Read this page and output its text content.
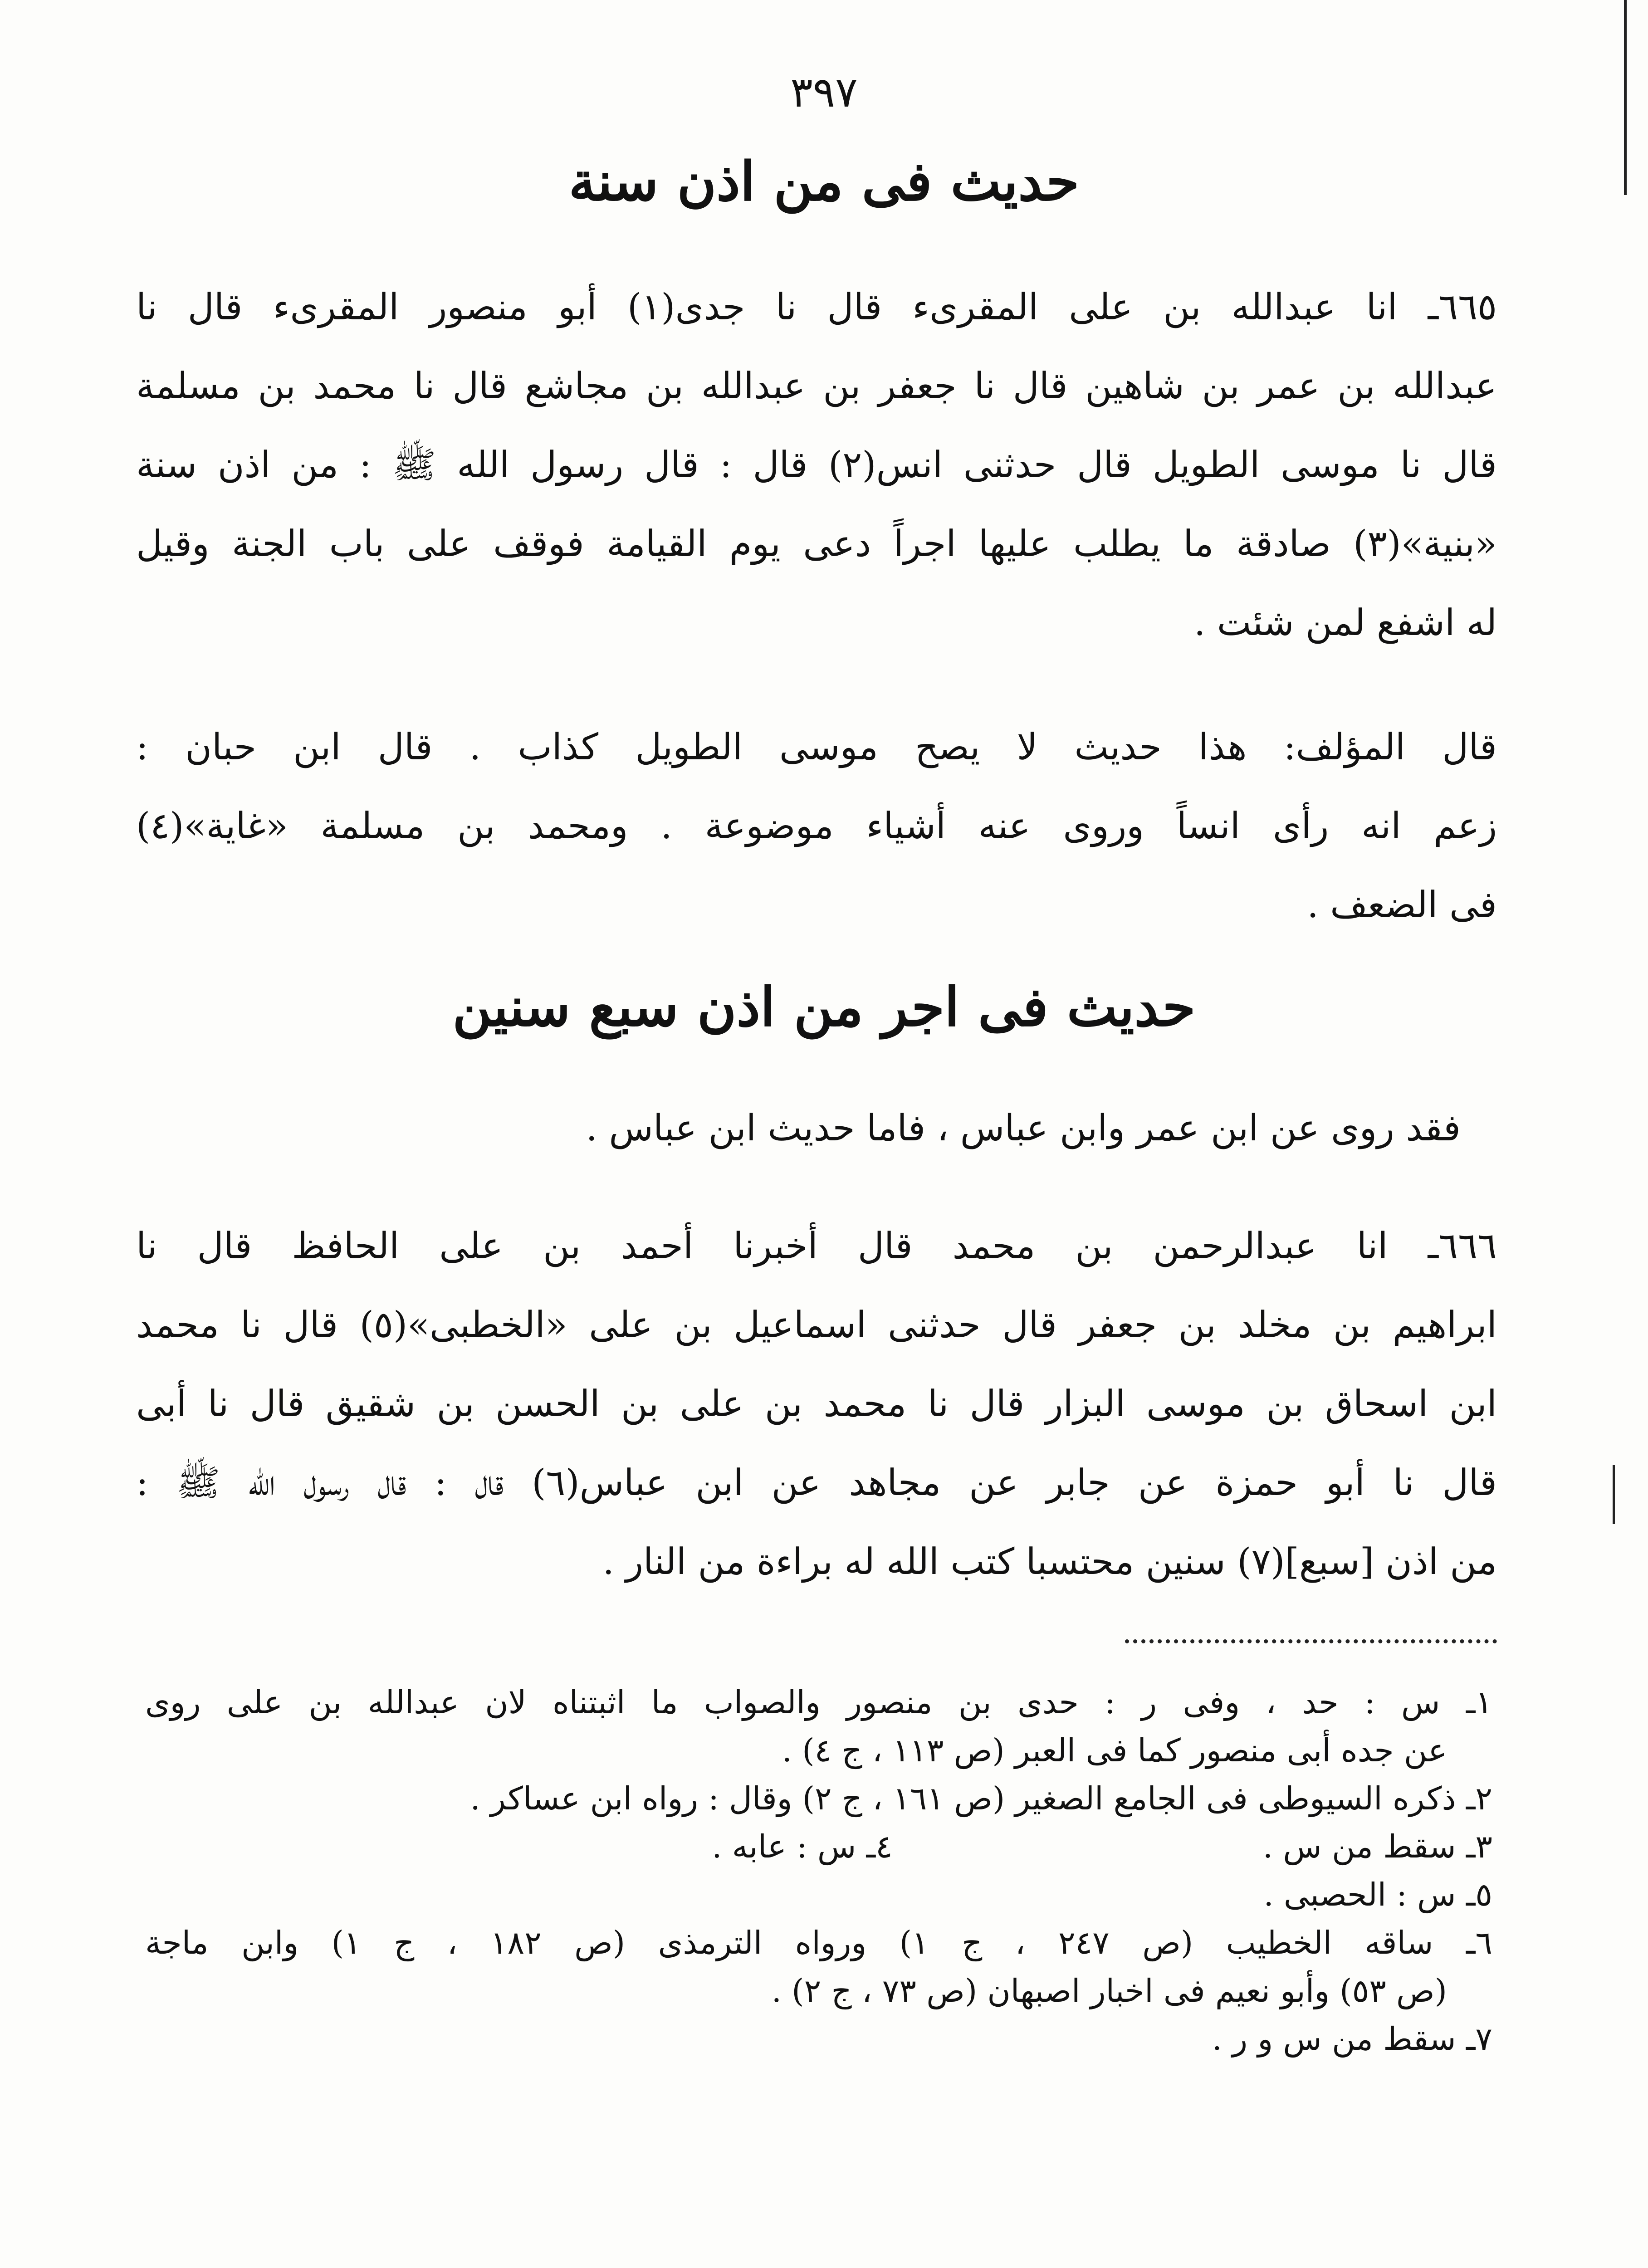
٣٩٧
حديث فى من اذن سنة
٦٦٥ـ انا عبدالله بن على المقرىء قال نا جدى(١) أبو منصور المقرىء قال نا
عبدالله بن عمر بن شاهين قال نا جعفر بن عبدالله بن مجاشع قال نا محمد بن مسلمة
قال نا موسى الطويل قال حدثنى انس(٢) قال : قال رسول الله ﷺ : من اذن سنة
«بنية»(٣) صادقة ما يطلب عليها اجراً دعى يوم القيامة فوقف على باب الجنة وقيل
له اشفع لمن شئت .
قال المؤلف: هذا حديث لا يصح موسى الطويل كذاب . قال ابن حبان :
زعم انه رأى انساً وروى عنه أشياء موضوعة . ومحمد بن مسلمة «غاية»(٤)
فى الضعف .
حديث فى اجر من اذن سبع سنين
فقد روى عن ابن عمر وابن عباس ، فاما حديث ابن عباس .
٦٦٦ـ انا عبدالرحمن بن محمد قال أخبرنا أحمد بن على الحافظ قال نا
ابراهيم بن مخلد بن جعفر قال حدثنى اسماعيل بن على «الخطبى»(٥) قال نا محمد
ابن اسحاق بن موسى البزار قال نا محمد بن على بن الحسن بن شقيق قال نا أبى
قال نا أبو حمزة عن جابر عن مجاهد عن ابن عباس(٦) قال : قال رسول الله ﷺ :
من اذن [سبع](٧) سنين محتسبا كتب الله له براءة من النار .
١ـ س : حد ، وفى ر : حدى بن منصور والصواب ما اثبتناه لان عبدالله بن على روى
عن جده أبى منصور كما فى العبر (ص ١١٣ ، ج ٤) .
٢ـ ذكره السيوطى فى الجامع الصغير (ص ١٦١ ، ج ٢) وقال : رواه ابن عساكر .
٣ـ سقط من س . ٤ـ س : عابه .
٥ـ س : الحصبى .
٦ـ ساقه الخطيب (ص ٢٤٧ ، ج ١) ورواه الترمذى (ص ١٨٢ ، ج ١) وابن ماجة
(ص ٥٣) وأبو نعيم فى اخبار اصبهان (ص ٧٣ ، ج ٢) .
٧ـ سقط من س و ر .
